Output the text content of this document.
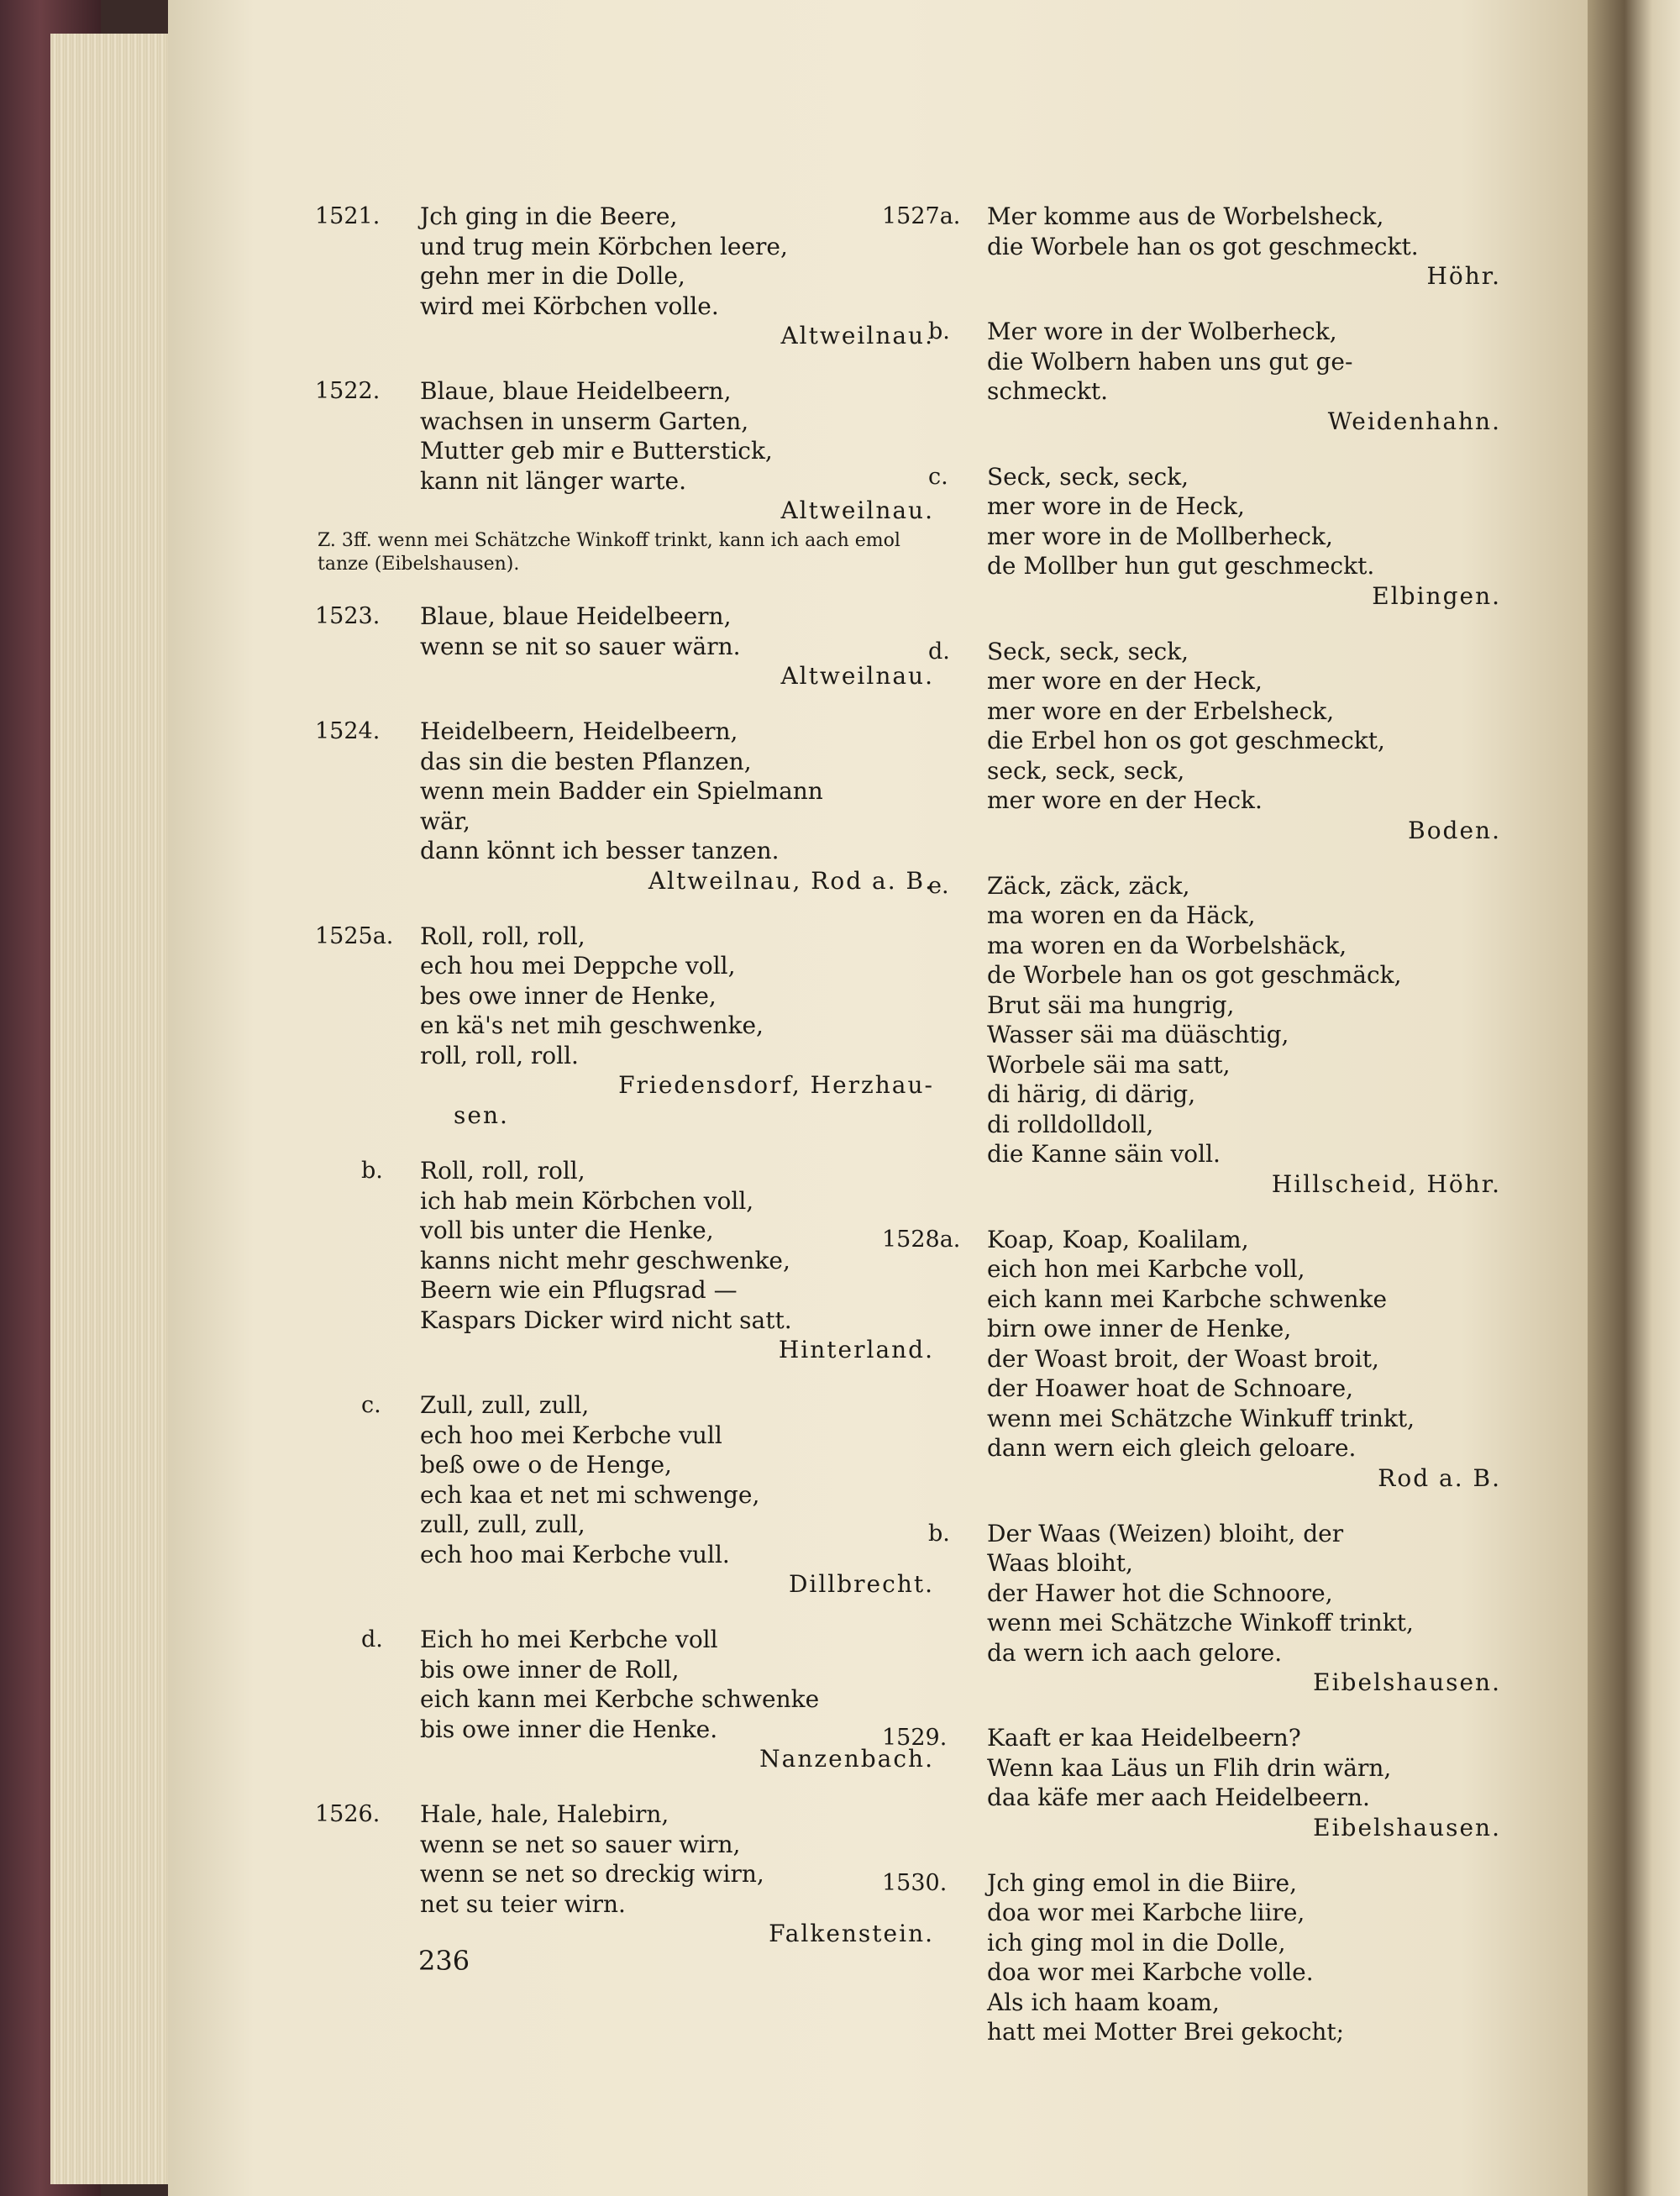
1521. Jch ging in die Beere,
und trug mein Körbchen leere,
gehn mer in die Dolle,
wird mei Körbchen volle.
Altweilnau.
1522. Blaue, blaue Heidelbeern,
wachsen in unserm Garten,
Mutter geb mir e Butterstick,
kann nit länger warte.
Altweilnau.
Z. 3ff. wenn mei Schätzche Winkoff trinkt, kann ich aach emol tanze (Eibelshausen).
1523. Blaue, blaue Heidelbeern,
wenn se nit so sauer wärn.
Altweilnau.
1524. Heidelbeern, Heidelbeern,
das sin die besten Pflanzen,
wenn mein Badder ein Spielmann
wär,
dann könnt ich besser tanzen.
Altweilnau, Rod a. B.
1525a. Roll, roll, roll,
ech hou mei Deppche voll,
bes owe inner de Henke,
en kä's net mih geschwenke,
roll, roll, roll.
Friedensdorf, Herzhau-
sen.
b. Roll, roll, roll,
ich hab mein Körbchen voll,
voll bis unter die Henke,
kanns nicht mehr geschwenke,
Beern wie ein Pflugsrad —
Kaspars Dicker wird nicht satt.
Hinterland.
c. Zull, zull, zull,
ech hoo mei Kerbche vull
beß owe o de Henge,
ech kaa et net mi schwenge,
zull, zull, zull,
ech hoo mai Kerbche vull.
Dillbrecht.
d. Eich ho mei Kerbche voll
bis owe inner de Roll,
eich kann mei Kerbche schwenke
bis owe inner die Henke.
Nanzenbach.
1526. Hale, hale, Halebirn,
wenn se net so sauer wirn,
wenn se net so dreckig wirn,
net su teier wirn.
Falkenstein.
1527a. Mer komme aus de Worbelsheck,
die Worbele han os got geschmeckt.
Höhr.
b. Mer wore in der Wolberheck,
die Wolbern haben uns gut ge-
schmeckt.
Weidenhahn.
c. Seck, seck, seck,
mer wore in de Heck,
mer wore in de Mollberheck,
de Mollber hun gut geschmeckt.
Elbingen.
d. Seck, seck, seck,
mer wore en der Heck,
mer wore en der Erbelsheck,
die Erbel hon os got geschmeckt,
seck, seck, seck,
mer wore en der Heck.
Boden.
e. Zäck, zäck, zäck,
ma woren en da Häck,
ma woren en da Worbelshäck,
de Worbele han os got geschmäck,
Brut säi ma hungrig,
Wasser säi ma düäschtig,
Worbele säi ma satt,
di härig, di därig,
di rolldolldoll,
die Kanne säin voll.
Hillscheid, Höhr.
1528a. Koap, Koap, Koalilam,
eich hon mei Karbche voll,
eich kann mei Karbche schwenke
birn owe inner de Henke,
der Woast broit, der Woast broit,
der Hoawer hoat de Schnoare,
wenn mei Schätzche Winkuff trinkt,
dann wern eich gleich geloare.
Rod a. B.
b. Der Waas (Weizen) bloiht, der
Waas bloiht,
der Hawer hot die Schnoore,
wenn mei Schätzche Winkoff trinkt,
da wern ich aach gelore.
Eibelshausen.
1529. Kaaft er kaa Heidelbeern?
Wenn kaa Läus un Flih drin wärn,
daa käfe mer aach Heidelbeern.
Eibelshausen.
1530. Jch ging emol in die Biire,
doa wor mei Karbche liire,
ich ging mol in die Dolle,
doa wor mei Karbche volle.
Als ich haam koam,
hatt mei Motter Brei gekocht;
236
